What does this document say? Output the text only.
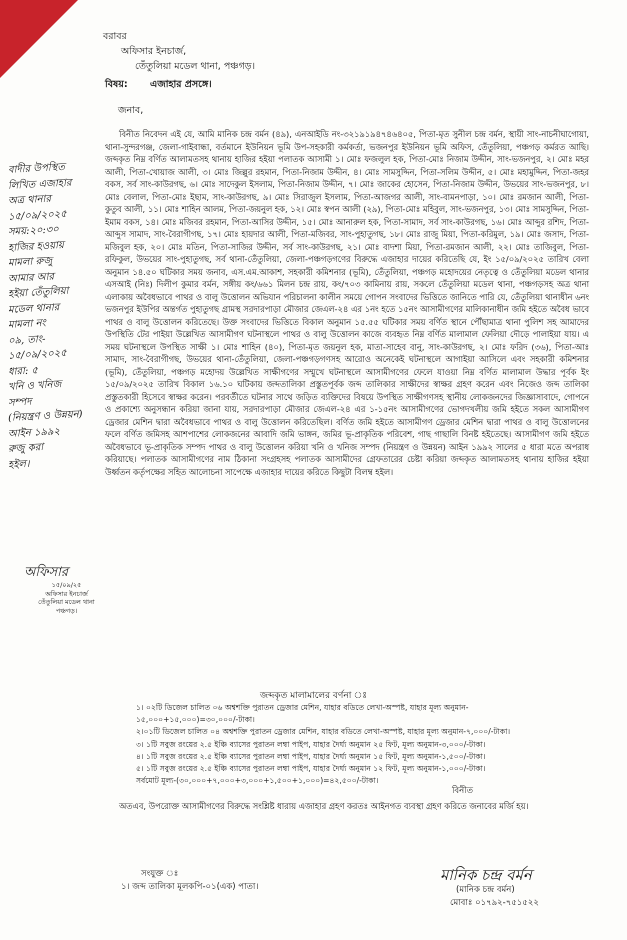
বরাবর
অফিসার ইনচার্জ,
তেঁতুলিয়া মডেল থানা, পঞ্চগড়।
বিষয়: এজাহার প্রসঙ্গে।
জনাব,

বিনীত নিবেদন এই যে, আমি মানিক চন্দ্র বর্মন (৪৯), এনআইডি নং-৩২১৯১৯৪৭৪৬৪০৫, পিতা-মৃত সুনীল চন্দ্র বর্মন, স্থায়ী সাং-নাচনীঘাগোয়া, থানা-সুন্দরগঞ্জ, জেলা-গাইবান্ধা, বর্তমানে ইউনিয়ন ভূমি উপ-সহকারী কর্মকর্তা, ভজনপুর ইউনিয়ন ভূমি অফিস, তেঁতুলিয়া, পঞ্চগড় কর্মরত আছি। জব্দকৃত নিম্ন বর্ণিত আলামতসহ থানায় হাজির হইয়া পলাতক আসামী ১। মোঃ ফজলুল হক, পিতা-মোঃ নিজাম উদ্দীন, সাং-ভজনপুর, ২। মোঃ মহর আলী, পিতা-খোয়াজ আলী, ৩। মোঃ জিল্লুর রহমান, পিতা-নিজাম উদ্দীন, ৪। মোঃ সামসুদ্দিন, পিতা-সলিম উদ্দীন, ৫। মোঃ মহামুদ্দিন, পিতা-জহর বকস, সর্ব সাং-কাউরগছ, ৬। মোঃ সাদেকুল ইসলাম, পিতা-নিজাম উদ্দীন, ৭। মোঃ জাকের হোসেন, পিতা-নিজাম উদ্দীন, উভয়ের সাং-ভজনপুর, ৮। মোঃ বেলাল, পিতা-মোঃ ইছাম, সাং-কাউরগছ, ৯। মোঃ সিরাজুল ইসলাম, পিতা-আজগর আলী, সাং-বামনপাড়া, ১০। মোঃ রমজান আলী, পিতা-কুতুব আলী, ১১। মোঃ শাহিন আলম, পিতা-জয়নুল হক, ১২। মোঃ স্বপন আলী (২৯), পিতা-মোঃ মহিবুল, সাং-ভজনপুর, ১৩। মোঃ সামসুদ্দিন, পিতা-ইমাম বকস, ১৪। মোঃ মজিবর রহমান, পিতা-আসির উদ্দীন, ১৫। মোঃ আনারুল হক, পিতা-সামাদ, সর্ব সাং-কাউরগছ, ১৬। মোঃ আব্দুর রশিদ, পিতা-আব্দুস সামাদ, সাং-বৈরাগীগছ, ১৭। মোঃ হায়দার আলী, পিতা-মজিবর, সাং-পুহাতুগছ, ১৮। মোঃ রাজু মিয়া, পিতা-করিমুল, ১৯। মোঃ জসাদ, পিতা-মজিবুল হক, ২০। মোঃ মতিন, পিতা-সাজির উদ্দীন, সর্ব সাং-কাউরগছ, ২১। মোঃ বাদশা মিয়া, পিতা-রমজান আলী, ২২। মোঃ তাজিবুল, পিতা-রফিকুল, উভয়ের সাং-পুহাতুগছ, সর্ব থানা-তেঁতুলিয়া, জেলা-পঞ্চগড়গণের বিরুদ্ধে এজাহার দায়ের করিতেছি যে, ইং ১৫/০৯/২০২৫ তারিখ বেলা অনুমান ১৪.৫০ ঘটিকার সময় জনাব, এস.এম.আকাশ, সহকারী কমিশনার (ভূমি), তেঁতুলিয়া, পঞ্চগড় মহোদয়ের নেতৃত্বে ও তেঁতুলিয়া মডেল থানার এসআই (নিঃ) দিলীপ কুমার বর্মন, সঙ্গীয় কং/৬৬১ মিলন চন্দ্র রায়, কং/৭০৩ কামিনায় রায়, সকলে তেঁতুলিয়া মডেল থানা, পঞ্চগড়সহ অত্র থানা এলাকায় অবৈধভাবে পাথর ও বালু উত্তোলন অভিযান পরিচালনা কালীন সময়ে গোপন সংবাদের ভিত্তিতে জানিতে পারি যে, তেঁতুলিয়া থানাধীন ৬নং ভজনপুর ইউপির অন্তর্গত পুহাতুগছ গ্রামস্থ সরদারপাড়া মৌজার জেএল-২৪ এর ১নং হতে ১৫নং আসামীগণের মালিকানাধীন জমি হইতে অবৈধ ভাবে পাথর ও বালু উত্তোলন করিতেছে। উক্ত সংবাদের ভিত্তিতে বিকাল অনুমান ১৫.৫৫ ঘটিকার সময় বর্ণিত স্থানে পৌঁছামাত্র থানা পুলিশ সহ আমাদের উপস্থিতি টের পাইয়া উল্লেখিত আসামীগণ ঘটনাস্থলে পাথর ও বালু উত্তোলন কাজে ব্যবহৃত নিম্ন বর্ণিত মালামাল ফেলিয়া দৌড়ে পালাইয়া যায়। এ সময় ঘটনাস্থলে উপস্থিত সাক্ষী ১। মোঃ শাহিন (৪০), পিতা-মৃত জয়নুল হক, মাতা-সাহেব বানু, সাং-কাউরগছ, ২। মোঃ ফরিদ (৩৬), পিতা-আঃ সামাদ, সাং-বৈরাগীগছ, উভয়ের থানা-তেঁতুলিয়া, জেলা-পঞ্চগড়গণসহ আরোও অনেকেই ঘটনাস্থলে আগাইয়া আসিলে এবং সহকারী কমিশনার (ভূমি), তেঁতুলিয়া, পঞ্চগড় মহোদয় উল্লেখিত সাক্ষীগণের সম্মুখে ঘটনাস্থলে আসামীগণের ফেলে যাওয়া নিম্ন বর্ণিত মালামাল উদ্ধার পূর্বক ইং ১৫/০৯/২০২৫ তারিখ বিকাল ১৬.১০ ঘটিকায় জব্দতালিকা প্রস্তুতপূর্বক জব্দ তালিকার সাক্ষীদের স্বাক্ষর গ্রহণ করেন এবং নিজেও জব্দ তালিকা প্রস্তুতকারী হিসেবে স্বাক্ষর করেন। পরবর্তীতে ঘটনার সাথে জড়িত ব্যক্তিদের বিষয়ে উপস্থিত সাক্ষীগণসহ স্থানীয় লোকজনদের জিজ্ঞাসাবাদে, গোপনে ও প্রকাশ্যে অনুসন্ধান করিয়া জানা যায়, সরদারপাড়া মৌজার জেএল-২৪ এর ১-১৫নং আসামীগণের ভোগদখলীয় জমি হইতে সকল আসামীগণ ড্রেজার মেশিন দ্বারা অবৈধভাবে পাথর ও বালু উত্তোলন করিতেছিল। বর্ণিত জমি হইতে আসামীগণ ড্রেজার মেশিন দ্বারা পাথর ও বালু উত্তোলনের ফলে বর্ণিত জমিসহ আশপাশের লোকজনের আবাদি জমি ভাঙ্গন, জমির ভূ-প্রাকৃতিক পরিবেশ, গাছ গাছালি বিনষ্ট হইতেছে। আসামীগণ জমি হইতে অবৈধভাবে ভূ-প্রাকৃতিক সম্পদ পাথর ও বালু উত্তোলন করিয়া খনি ও খনিজ সম্পদ (নিয়ন্ত্রণ ও উন্নয়ন) আইন ১৯৯২ সালের ৫ ধারা মতে অপরাধ করিয়াছে। পলাতক আসামীগণের নাম ঠিকানা সংগ্রহসহ পলাতক আসামীদের গ্রেফতারের চেষ্টা করিয়া জব্দকৃত আলামতসহ থানায় হাজির হইয়া উর্ধ্বতন কর্তৃপক্ষের সহিত আলোচনা সাপেক্ষে এজাহার দায়ের করিতে কিছুটা বিলম্ব হইল।

বাদীর উপস্থিত
লিখিত এজাহার
অত্র থানার
১৫/০৯/২০২৫
সময়:২০:৩০
হাজির হওয়ায়
মামলা রুজু
আমার আর
হইয়া তেঁতুলিয়া
মডেল থানার
মামলা নং
০৯, তাং-
১৫/০৯/২০২৫
ধারা: ৫
খনি ও খনিজ
সম্পদ
(নিয়ন্ত্রণ ও উন্নয়ন)
আইন ১৯৯২
রুজু করা
হইল।
অফিসার
১৫/০৯/২৫
অফিসার ইনচার্জ
তেঁতুলিয়া মডেল থানা
পঞ্চগড়।
জব্দকৃত মালামালের বর্ণনা ঃ
১। ০২টি ডিজেল চালিত ০৬ অশ্বশক্তি পুরাতন ড্রেজার মেশিন, যাহার বডিতে লেখা-অস্পষ্ট, যাহার মূল্য অনুমান-
১৫,০০০+১৫,০০০)=৩০,০০০/-টাকা।
২।০১টি ডিজেল চালিত ০৪ অশ্বশক্তি পুরাতন ড্রেজার মেশিন, যাহার বডিতে লেখা-অস্পষ্ট, যাহার মূল্য অনুমান-৭,০০০/-টাকা।
৩। ১টি সবুজ রংয়ের ২.৫ ইঞ্চি ব্যাসের পুরাতন লম্বা পাইপ, যাহার দৈর্ঘ্য অনুমান ২৫ ফিট, মূল্য অনুমান-৩,০০০/-টাকা।
৪। ১টি সবুজ রংয়ের ২.৫ ইঞ্চি ব্যাসের পুরাতন লম্বা পাইপ, যাহার দৈর্ঘ্য অনুমান ১৫ ফিট, মূল্য অনুমান-১,৫০০/-টাকা।
৫। ১টি সবুজ রংয়ের ২.৫ ইঞ্চি ব্যাসের পুরাতন লম্বা পাইপ, যাহার দৈর্ঘ্য অনুমান ১২ ফিট, মূল্য অনুমান-১,০০০/-টাকা।
সর্বমোট মূল্য-(৩০,০০০+৭,০০০+৩,০০০+১,৫০০+১,০০০)=৪২,৫০০/-টাকা।
বিনীত
অতএব, উপরোক্ত আসামীগণের বিরুদ্ধে সংশ্লিষ্ট ধারায় এজাহার গ্রহণ করতঃ আইনগত ব্যবস্থা গ্রহণ করিতে জনাবের মর্জি হয়।
মানিক চন্দ্র বর্মন
(মানিক চন্দ্র বর্মন)
মোবাঃ ০১৭৯২-৭৫১৫২২
সংযুক্ত ঃ
১। জব্দ তালিকা মূলকপি-০১(এক) পাতা।
